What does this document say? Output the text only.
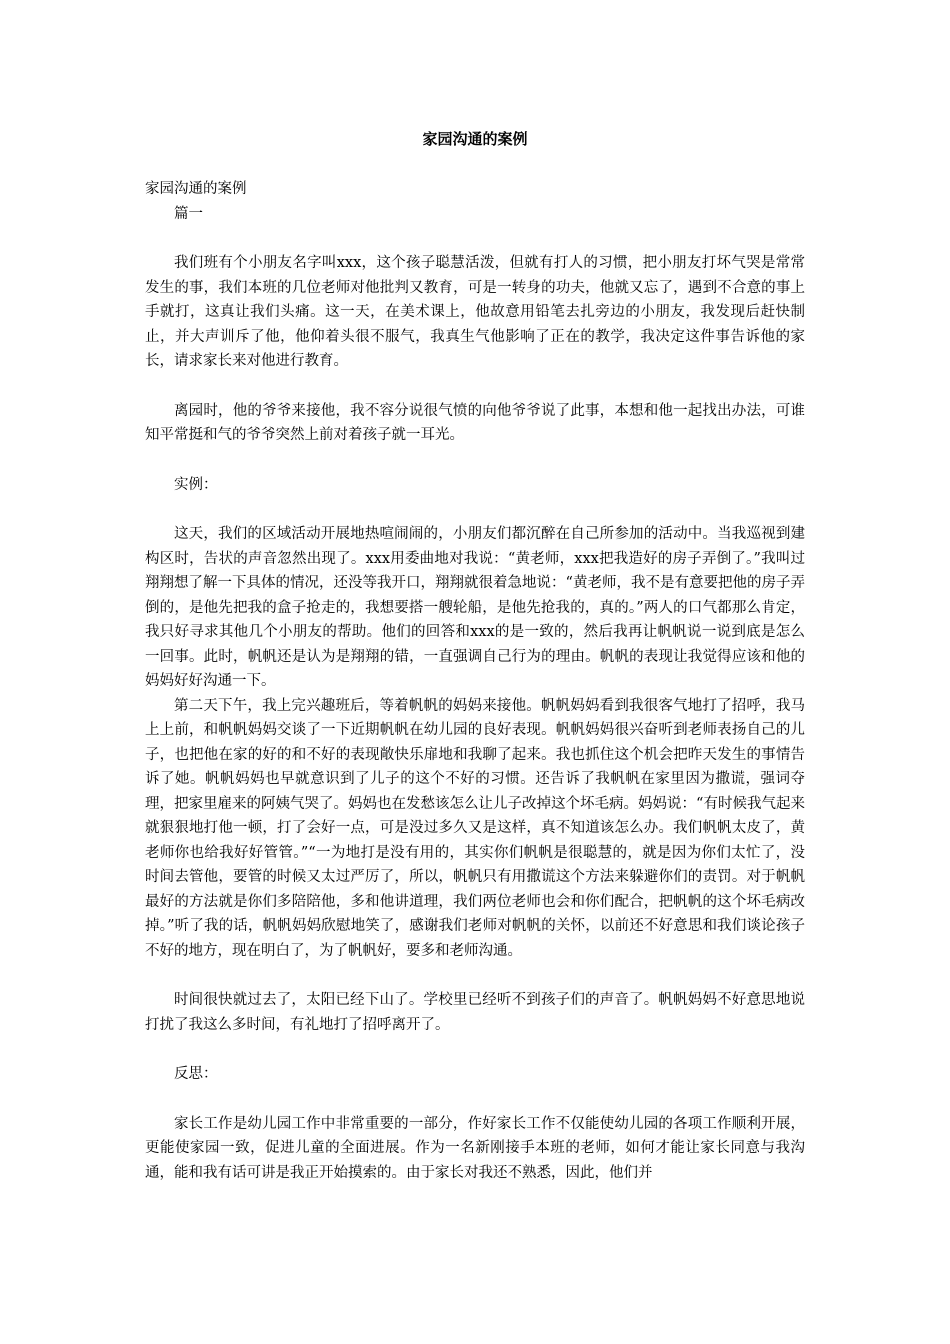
家园沟通的案例

家园沟通的案例

篇一

我们班有个小朋友名字叫xxx，这个孩子聪慧活泼，但就有打人的习惯，把小朋友打坏气哭是常常发生的事，我们本班的几位老师对他批判又教育，可是一转身的功夫，他就又忘了，遇到不合意的事上手就打，这真让我们头痛。这一天，在美术课上，他故意用铅笔去扎旁边的小朋友，我发现后赶快制止，并大声训斥了他，他仰着头很不服气，我真生气他影响了正在的教学，我决定这件事告诉他的家长，请求家长来对他进行教育。

离园时，他的爷爷来接他，我不容分说很气愤的向他爷爷说了此事，本想和他一起找出办法，可谁知平常挺和气的爷爷突然上前对着孩子就一耳光。

实例：

这天，我们的区域活动开展地热喧闹闹的，小朋友们都沉醉在自己所参加的活动中。当我巡视到建构区时，告状的声音忽然出现了。xxx用委曲地对我说：“黄老师，xxx把我造好的房子弄倒了。”我叫过翔翔想了解一下具体的情况，还没等我开口，翔翔就很着急地说：“黄老师，我不是有意要把他的房子弄倒的，是他先把我的盒子抢走的，我想要搭一艘轮船，是他先抢我的，真的。”两人的口气都那么肯定，我只好寻求其他几个小朋友的帮助。他们的回答和xxx的是一致的，然后我再让帆帆说一说到底是怎么一回事。此时，帆帆还是认为是翔翔的错，一直强调自己行为的理由。帆帆的表现让我觉得应该和他的妈妈好好沟通一下。

第二天下午，我上完兴趣班后，等着帆帆的妈妈来接他。帆帆妈妈看到我很客气地打了招呼，我马上上前，和帆帆妈妈交谈了一下近期帆帆在幼儿园的良好表现。帆帆妈妈很兴奋听到老师表扬自己的儿子，也把他在家的好的和不好的表现敞快乐扉地和我聊了起来。我也抓住这个机会把昨天发生的事情告诉了她。帆帆妈妈也早就意识到了儿子的这个不好的习惯。还告诉了我帆帆在家里因为撒谎，强词夺理，把家里雇来的阿姨气哭了。妈妈也在发愁该怎么让儿子改掉这个坏毛病。妈妈说：“有时候我气起来就狠狠地打他一顿，打了会好一点，可是没过多久又是这样，真不知道该怎么办。我们帆帆太皮了，黄老师你也给我好好管管。”“一为地打是没有用的，其实你们帆帆是很聪慧的，就是因为你们太忙了，没时间去管他，要管的时候又太过严厉了，所以，帆帆只有用撒谎这个方法来躲避你们的责罚。对于帆帆最好的方法就是你们多陪陪他，多和他讲道理，我们两位老师也会和你们配合，把帆帆的这个坏毛病改掉。”听了我的话，帆帆妈妈欣慰地笑了，感谢我们老师对帆帆的关怀，以前还不好意思和我们谈论孩子不好的地方，现在明白了，为了帆帆好，要多和老师沟通。

时间很快就过去了，太阳已经下山了。学校里已经听不到孩子们的声音了。帆帆妈妈不好意思地说打扰了我这么多时间，有礼地打了招呼离开了。

反思：

家长工作是幼儿园工作中非常重要的一部分，作好家长工作不仅能使幼儿园的各项工作顺利开展，更能使家园一致，促进儿童的全面进展。作为一名新刚接手本班的老师，如何才能让家长同意与我沟通，能和我有话可讲是我正开始摸索的。由于家长对我还不熟悉，因此，他们并
